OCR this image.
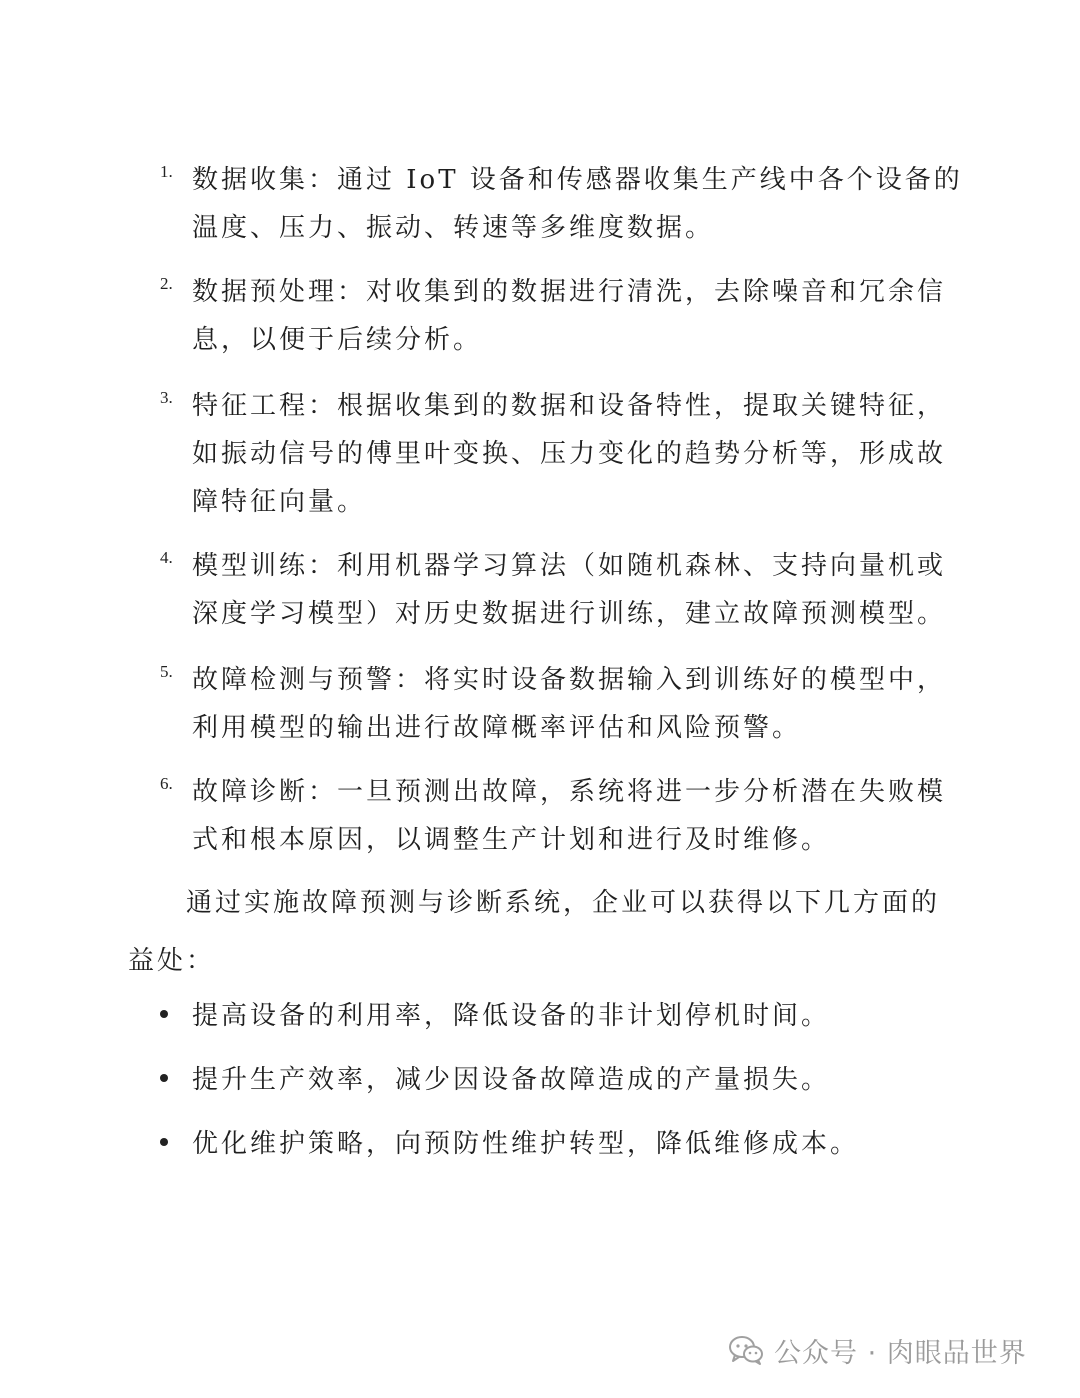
1. 数据收集：通过 IoT 设备和传感器收集生产线中各个设备的温度、压力、振动、转速等多维度数据。
2. 数据预处理：对收集到的数据进行清洗，去除噪音和冗余信息，以便于后续分析。
3. 特征工程：根据收集到的数据和设备特性，提取关键特征，如振动信号的傅里叶变换、压力变化的趋势分析等，形成故障特征向量。
4. 模型训练：利用机器学习算法（如随机森林、支持向量机或深度学习模型）对历史数据进行训练，建立故障预测模型。
5. 故障检测与预警：将实时设备数据输入到训练好的模型中，利用模型的输出进行故障概率评估和风险预警。
6. 故障诊断：一旦预测出故障，系统将进一步分析潜在失败模式和根本原因，以调整生产计划和进行及时维修。
通过实施故障预测与诊断系统，企业可以获得以下几方面的益处：
提高设备的利用率，降低设备的非计划停机时间。
提升生产效率，减少因设备故障造成的产量损失。
优化维护策略，向预防性维护转型，降低维修成本。
公众号 · 肉眼品世界
